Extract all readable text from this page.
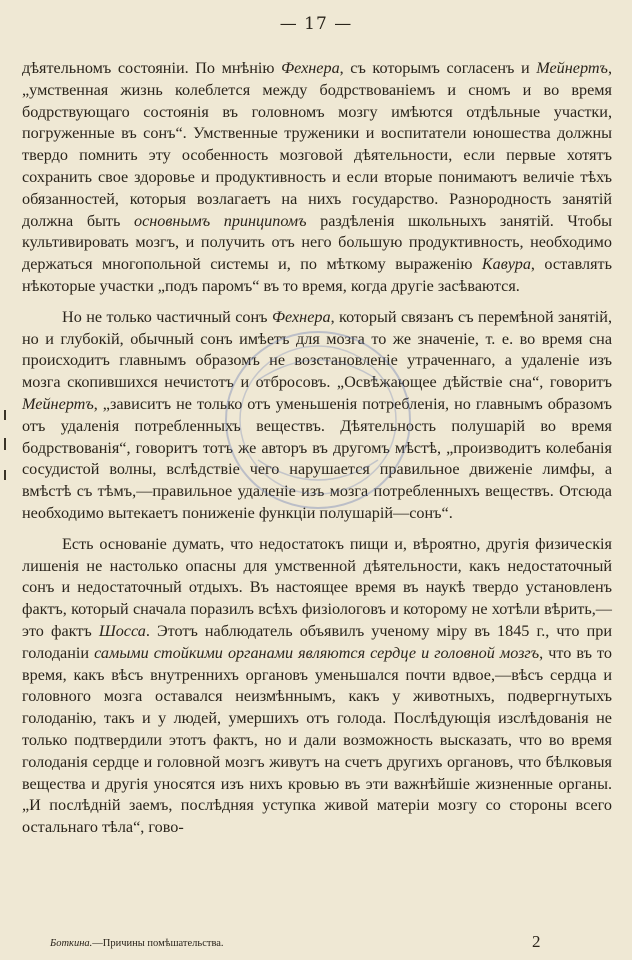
— 17 —

дѣятельномъ состояніи. По мнѣнію Фехнера, съ которымъ согласенъ и Мейнертъ, „умственная жизнь колеблется между бодрствованіемъ и сномъ и во время бодрствующаго состоянія въ головномъ мозгу имѣются отдѣльные участки, погруженные въ сонъ“. Умственные труженики и воспитатели юношества должны твердо помнить эту особенность мозговой дѣятельности, если первые хотятъ сохранить свое здоровье и продуктивность и если вторые понимаютъ величіе тѣхъ обязанностей, которыя возлагаетъ на нихъ государство. Разнородность занятій должна быть основнымъ принципомъ раздѣленія школьныхъ занятій. Чтобы культивировать мозгъ, и получить отъ него большую продуктивность, необходимо держаться многопольной системы и, по мѣткому выраженію Кавура, оставлять нѣкоторые участки „подъ паромъ“ въ то время, когда другіе засѣваются.

Но не только частичный сонъ Фехнера, который связанъ съ перемѣной занятій, но и глубокій, обычный сонъ имѣетъ для мозга то же значеніе, т. е. во время сна происходитъ главнымъ образомъ не возстановленіе утраченнаго, а удаленіе изъ мозга скопившихся нечистотъ и отбросовъ. „Освѣжающее дѣйствіе сна“, говоритъ Мейнертъ, „зависитъ не только отъ уменьшенія потребленія, но главнымъ образомъ отъ удаленія потребленныхъ веществъ. Дѣятельность полушарій во время бодрствованія“, говоритъ тотъ же авторъ въ другомъ мѣстѣ, „производитъ колебанія сосудистой волны, вслѣдствіе чего нарушается правильное движеніе лимфы, а вмѣстѣ съ тѣмъ,—правильное удаленіе изъ мозга потребленныхъ веществъ. Отсюда необходимо вытекаетъ пониженіе функціи полушарій—сонъ“.

Есть основаніе думать, что недостатокъ пищи и, вѣроятно, другія физическія лишенія не настолько опасны для умственной дѣятельности, какъ недостаточный сонъ и недостаточный отдыхъ. Въ настоящее время въ наукѣ твердо установленъ фактъ, который сначала поразилъ всѣхъ физіологовъ и которому не хотѣли вѣрить,—это фактъ Шосса. Этотъ наблюдатель объявилъ ученому міру въ 1845 г., что при голоданіи самыми стойкими органами являются сердце и головной мозгъ, что въ то время, какъ вѣсъ внутреннихъ органовъ уменьшался почти вдвое,—вѣсъ сердца и головного мозга оставался неизмѣннымъ, какъ у животныхъ, подвергнутыхъ голоданію, такъ и у людей, умершихъ отъ голода. Послѣдующія изслѣдованія не только подтвердили этотъ фактъ, но и дали возможность высказать, что во время голоданія сердце и головной мозгъ живутъ на счетъ другихъ органовъ, что бѣлковыя вещества и другія уносятся изъ нихъ кровью въ эти важнѣйшіе жизненные органы. „И послѣдній заемъ, послѣдняя уступка живой матеріи мозгу со стороны всего остальнаго тѣла“, гово-

Боткина.—Причины помѣшательства.	2
